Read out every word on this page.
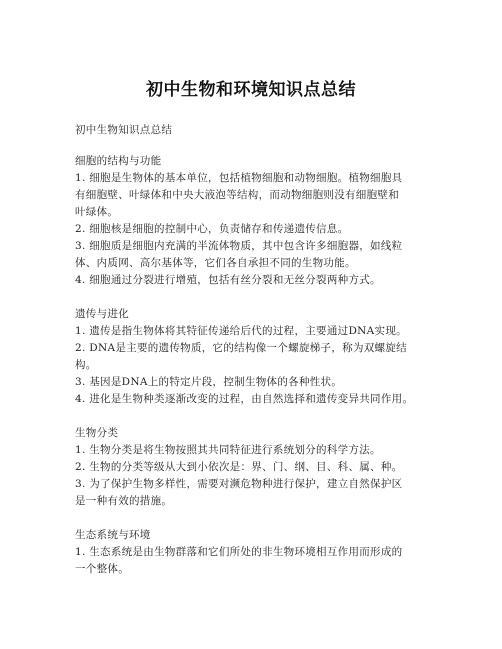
初中生物和环境知识点总结

初中生物知识点总结

细胞的结构与功能

1. 细胞是生物体的基本单位，包括植物细胞和动物细胞。植物细胞具
有细胞壁、叶绿体和中央大液泡等结构，而动物细胞则没有细胞壁和
叶绿体。

2. 细胞核是细胞的控制中心，负责储存和传递遗传信息。

3. 细胞质是细胞内充满的半流体物质，其中包含许多细胞器，如线粒
体、内质网、高尔基体等，它们各自承担不同的生物功能。

4. 细胞通过分裂进行增殖，包括有丝分裂和无丝分裂两种方式。

遗传与进化

1. 遗传是指生物体将其特征传递给后代的过程，主要通过DNA实现。

2. DNA是主要的遗传物质，它的结构像一个螺旋梯子，称为双螺旋结
构。

3. 基因是DNA上的特定片段，控制生物体的各种性状。

4. 进化是生物种类逐渐改变的过程，由自然选择和遗传变异共同作用。

生物分类

1. 生物分类是将生物按照其共同特征进行系统划分的科学方法。

2. 生物的分类等级从大到小依次是：界、门、纲、目、科、属、种。

3. 为了保护生物多样性，需要对濒危物种进行保护，建立自然保护区
是一种有效的措施。

生态系统与环境

1. 生态系统是由生物群落和它们所处的非生物环境相互作用而形成的
一个整体。
